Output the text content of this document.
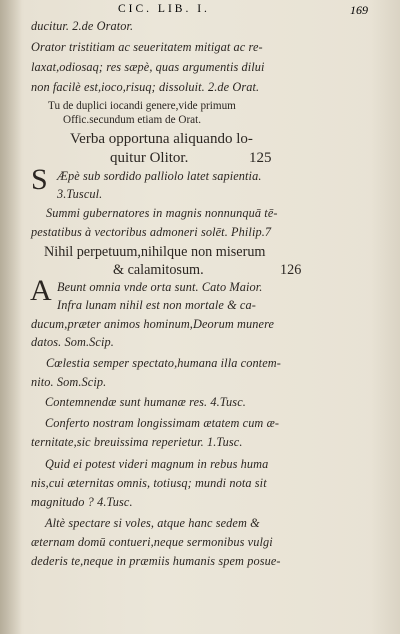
CIC. LIB. I.	169
ducitur. 2.de Orator.
Orator tristitiam ac seueritatem mitigat ac re-
laxat,odiosaq; res sæpè, quas argumentis dilui
non facilè est,ioco,risuq; dissoluit. 2.de Orat.
Tu de duplici iocandi genere,vide primum
Offic.secundum etiam de Orat.
Verba opportuna aliquando lo-
quitur Olitor.	125
S Æpè sub sordido palliolo latet sapientia.
3.Tuscul.
Summi gubernatores in magnis nonnunquā tē-
pestatibus à vectoribus admoneri solēt. Philip.7
Nihil perpetuum,nihilque non miserum
& calamitosum.	126
A Beunt omnia vnde orta sunt. Cato Maior.
Infra lunam nihil est non mortale & ca-
ducum,præter animos hominum,Deorum munere
datos. Som.Scip.
Cœlestia semper spectato,humana illa contem-
nito. Som.Scip.
Contemnendæ sunt humanæ res. 4.Tusc.
Conferto nostram longissimam ætatem cum æ-
ternitate,sic breuissima reperietur. 1.Tusc.
Quid ei potest videri magnum in rebus huma
nis,cui æternitas omnis, totiusq; mundi nota sit
magnitudo ? 4.Tusc.
Altè spectare si voles, atque hanc sedem &
æternam domū contueri,neque sermonibus vulgi
dederis te,neque in præmiis humanis spem posue-
